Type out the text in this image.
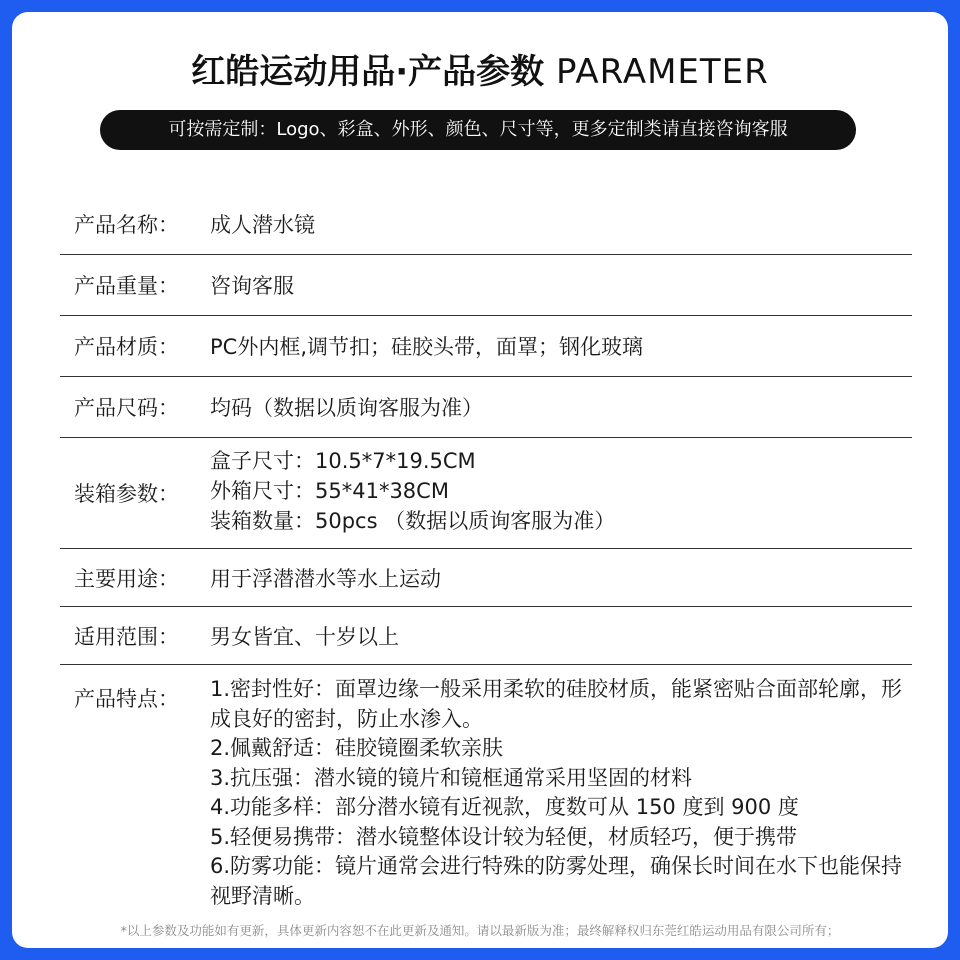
红皓运动用品·产品参数 PARAMETER
可按需定制：Logo、彩盒、外形、颜色、尺寸等，更多定制类请直接咨询客服
产品名称： 成人潜水镜
产品重量： 咨询客服
产品材质： PC外内框,调节扣；硅胶头带，面罩；钢化玻璃
产品尺码： 均码（数据以质询客服为准）
装箱参数：
盒子尺寸：10.5*7*19.5CM
外箱尺寸：55*41*38CM
装箱数量：50pcs （数据以质询客服为准）
主要用途： 用于浮潜潜水等水上运动
适用范围： 男女皆宜、十岁以上
产品特点： 1.密封性好：面罩边缘一般采用柔软的硅胶材质，能紧密贴合面部轮廓，形成良好的密封，防止水渗入。
2.佩戴舒适：硅胶镜圈柔软亲肤
3.抗压强：潜水镜的镜片和镜框通常采用坚固的材料
4.功能多样：部分潜水镜有近视款，度数可从 150 度到 900 度
5.轻便易携带：潜水镜整体设计较为轻便，材质轻巧，便于携带
6.防雾功能：镜片通常会进行特殊的防雾处理，确保长时间在水下也能保持视野清晰。
*以上参数及功能如有更新，具体更新内容恕不在此更新及通知。请以最新版为准；最终解释权归东莞红皓运动用品有限公司所有；
